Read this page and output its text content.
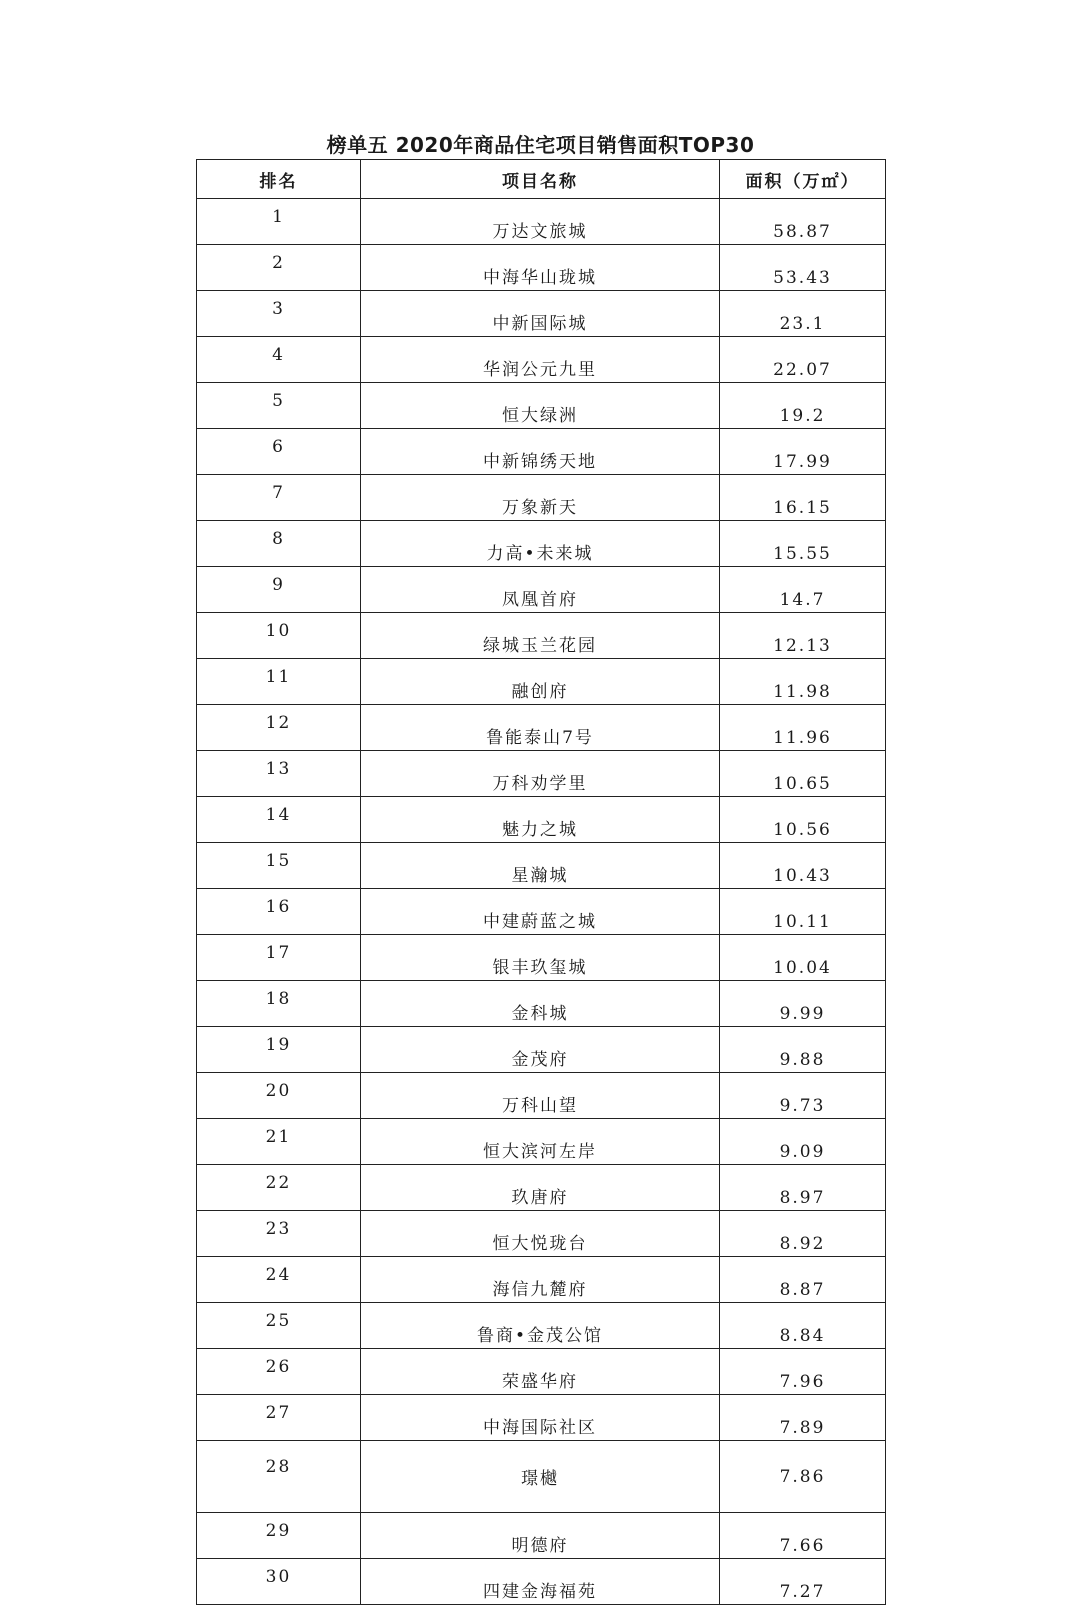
榜单五 2020年商品住宅项目销售面积TOP30
排名	项目名称	面积（万㎡）
1	万达文旅城	58.87
2	中海华山珑城	53.43
3	中新国际城	23.1
4	华润公元九里	22.07
5	恒大绿洲	19.2
6	中新锦绣天地	17.99
7	万象新天	16.15
8	力高•未来城	15.55
9	凤凰首府	14.7
10	绿城玉兰花园	12.13
11	融创府	11.98
12	鲁能泰山7号	11.96
13	万科劝学里	10.65
14	魅力之城	10.56
15	星瀚城	10.43
16	中建蔚蓝之城	10.11
17	银丰玖玺城	10.04
18	金科城	9.99
19	金茂府	9.88
20	万科山望	9.73
21	恒大滨河左岸	9.09
22	玖唐府	8.97
23	恒大悦珑台	8.92
24	海信九麓府	8.87
25	鲁商•金茂公馆	8.84
26	荣盛华府	7.96
27	中海国际社区	7.89
28	璟樾	7.86
29	明德府	7.66
30	四建金海福苑	7.27
